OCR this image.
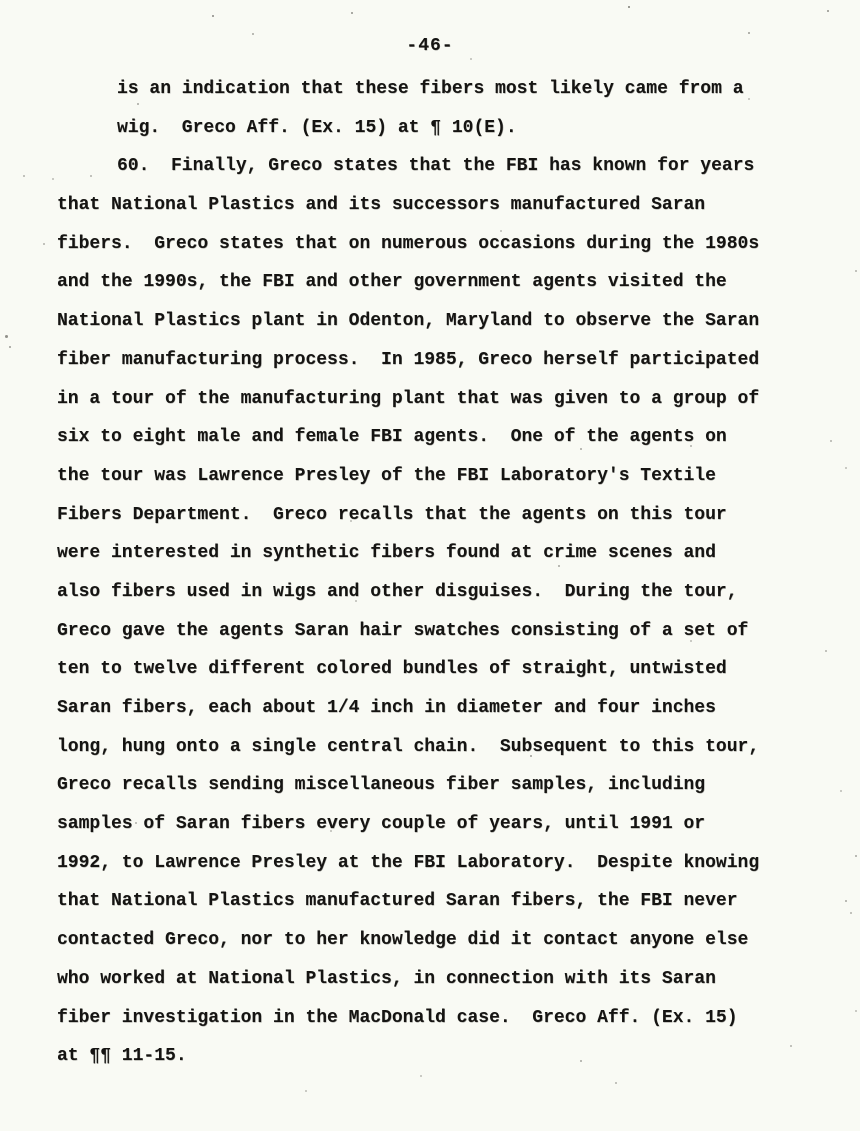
-46-
is an indication that these fibers most likely came from a
wig.  Greco Aff. (Ex. 15) at ¶ 10(E).
60.  Finally, Greco states that the FBI has known for years
that National Plastics and its successors manufactured Saran
fibers.  Greco states that on numerous occasions during the 1980s
and the 1990s, the FBI and other government agents visited the
National Plastics plant in Odenton, Maryland to observe the Saran
fiber manufacturing process.  In 1985, Greco herself participated
in a tour of the manufacturing plant that was given to a group of
six to eight male and female FBI agents.  One of the agents on
the tour was Lawrence Presley of the FBI Laboratory's Textile
Fibers Department.  Greco recalls that the agents on this tour
were interested in synthetic fibers found at crime scenes and
also fibers used in wigs and other disguises.  During the tour,
Greco gave the agents Saran hair swatches consisting of a set of
ten to twelve different colored bundles of straight, untwisted
Saran fibers, each about 1/4 inch in diameter and four inches
long, hung onto a single central chain.  Subsequent to this tour,
Greco recalls sending miscellaneous fiber samples, including
samples of Saran fibers every couple of years, until 1991 or
1992, to Lawrence Presley at the FBI Laboratory.  Despite knowing
that National Plastics manufactured Saran fibers, the FBI never
contacted Greco, nor to her knowledge did it contact anyone else
who worked at National Plastics, in connection with its Saran
fiber investigation in the MacDonald case.  Greco Aff. (Ex. 15)
at ¶¶ 11-15.
